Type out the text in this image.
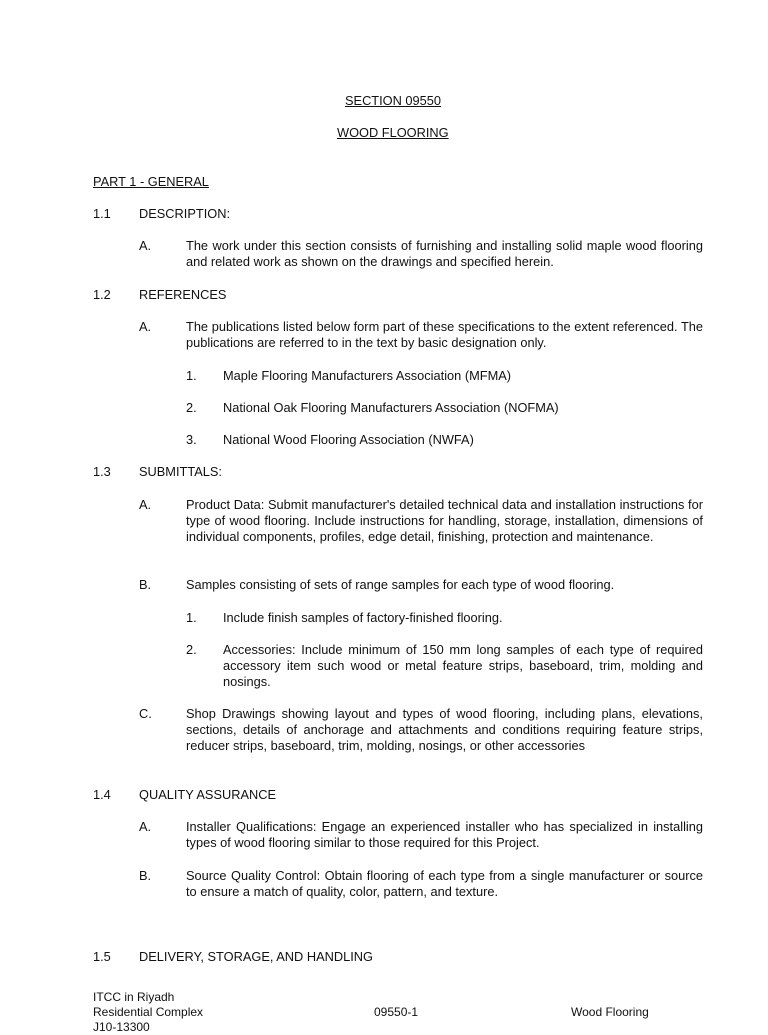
SECTION 09550
WOOD FLOORING
PART 1 - GENERAL
1.1 DESCRIPTION:
A.	The work under this section consists of furnishing and installing solid maple wood flooring and related work as shown on the drawings and specified herein.
1.2 REFERENCES
A.	The publications listed below form part of these specifications to the extent referenced. The publications are referred to in the text by basic designation only.
1. Maple Flooring Manufacturers Association (MFMA)
2. National Oak Flooring Manufacturers Association (NOFMA)
3. National Wood Flooring Association (NWFA)
1.3 SUBMITTALS:
A.	Product Data: Submit manufacturer's detailed technical data and installation instructions for type of wood flooring. Include instructions for handling, storage, installation, dimensions of individual components, profiles, edge detail, finishing, protection and maintenance.
B.	Samples consisting of sets of range samples for each type of wood flooring.
1. Include finish samples of factory-finished flooring.
2. Accessories: Include minimum of 150 mm long samples of each type of required accessory item such wood or metal feature strips, baseboard, trim, molding and nosings.
C.	Shop Drawings showing layout and types of wood flooring, including plans, elevations, sections, details of anchorage and attachments and conditions requiring feature strips, reducer strips, baseboard, trim, molding, nosings, or other accessories
1.4 QUALITY ASSURANCE
A.	Installer Qualifications: Engage an experienced installer who has specialized in installing types of wood flooring similar to those required for this Project.
B.	Source Quality Control: Obtain flooring of each type from a single manufacturer or source to ensure a match of quality, color, pattern, and texture.
1.5 DELIVERY, STORAGE, AND HANDLING
ITCC in Riyadh
Residential Complex
J10-13300
09550-1	Wood Flooring
